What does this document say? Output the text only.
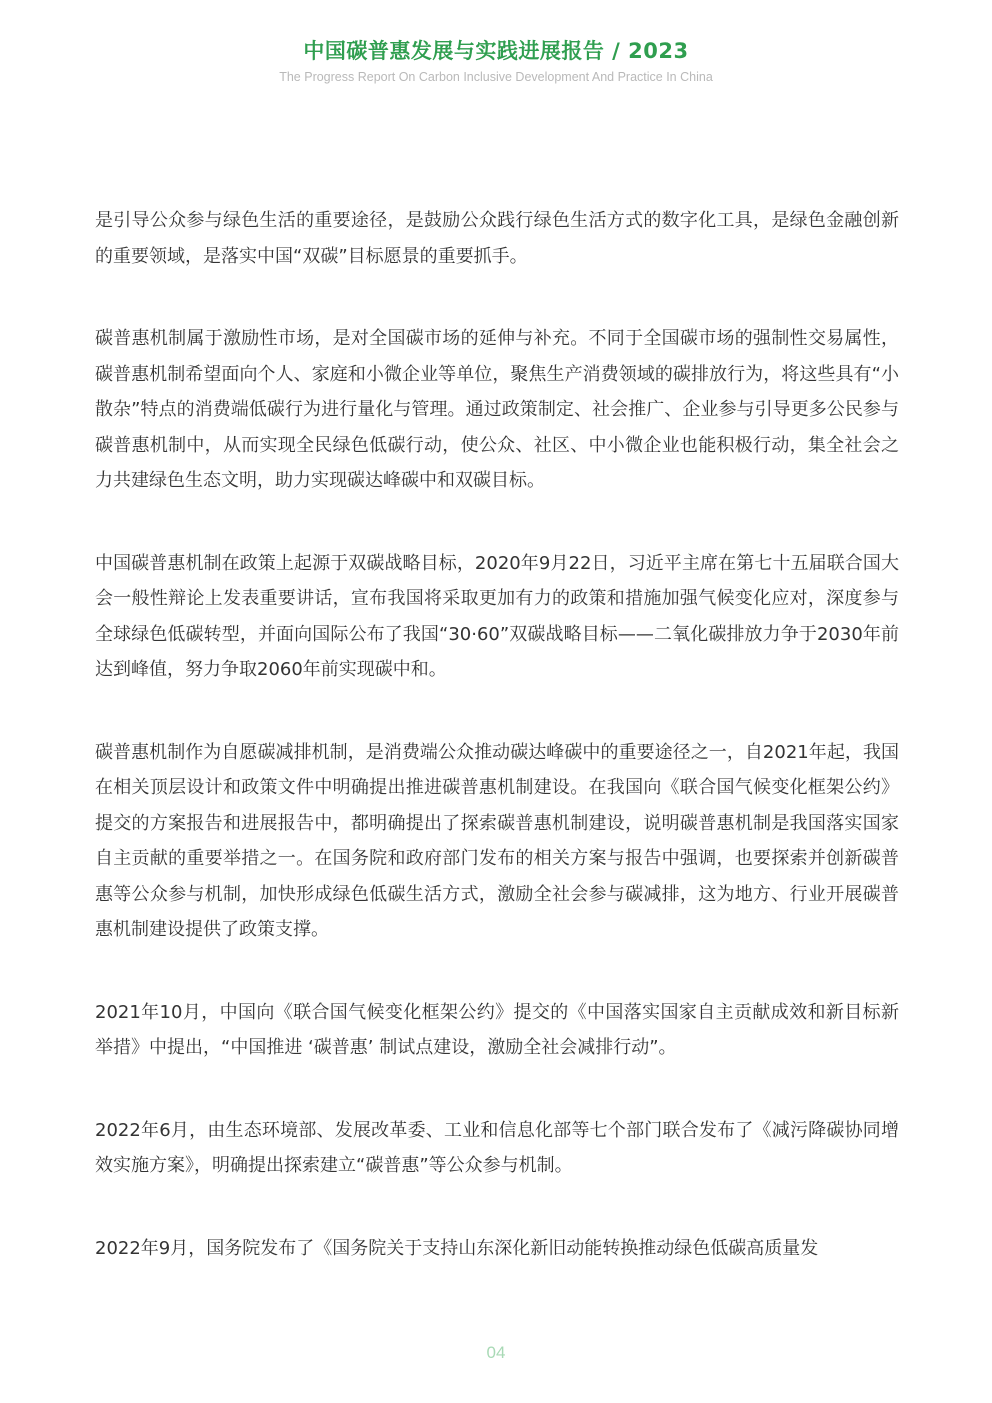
中国碳普惠发展与实践进展报告 / 2023
The Progress Report On Carbon Inclusive Development And Practice In China

是引导公众参与绿色生活的重要途径，是鼓励公众践行绿色生活方式的数字化工具，是绿色金融创新的重要领域，是落实中国“双碳”目标愿景的重要抓手。

碳普惠机制属于激励性市场，是对全国碳市场的延伸与补充。不同于全国碳市场的强制性交易属性，碳普惠机制希望面向个人、家庭和小微企业等单位，聚焦生产消费领域的碳排放行为，将这些具有“小散杂”特点的消费端低碳行为进行量化与管理。通过政策制定、社会推广、企业参与引导更多公民参与碳普惠机制中，从而实现全民绿色低碳行动，使公众、社区、中小微企业也能积极行动，集全社会之力共建绿色生态文明，助力实现碳达峰碳中和双碳目标。

中国碳普惠机制在政策上起源于双碳战略目标，2020年9月22日，习近平主席在第七十五届联合国大会一般性辩论上发表重要讲话，宣布我国将采取更加有力的政策和措施加强气候变化应对，深度参与全球绿色低碳转型，并面向国际公布了我国“30·60”双碳战略目标——二氧化碳排放力争于2030年前达到峰值，努力争取2060年前实现碳中和。

碳普惠机制作为自愿碳减排机制，是消费端公众推动碳达峰碳中的重要途径之一，自2021年起，我国在相关顶层设计和政策文件中明确提出推进碳普惠机制建设。在我国向《联合国气候变化框架公约》提交的方案报告和进展报告中，都明确提出了探索碳普惠机制建设，说明碳普惠机制是我国落实国家自主贡献的重要举措之一。在国务院和政府部门发布的相关方案与报告中强调，也要探索并创新碳普惠等公众参与机制，加快形成绿色低碳生活方式，激励全社会参与碳减排，这为地方、行业开展碳普惠机制建设提供了政策支撑。

2021年10月，中国向《联合国气候变化框架公约》提交的《中国落实国家自主贡献成效和新目标新举措》中提出，“中国推进 ‘碳普惠’ 制试点建设，激励全社会减排行动”。

2022年6月，由生态环境部、发展改革委、工业和信息化部等七个部门联合发布了《减污降碳协同增效实施方案》，明确提出探索建立“碳普惠”等公众参与机制。

2022年9月，国务院发布了《国务院关于支持山东深化新旧动能转换推动绿色低碳高质量发

04
